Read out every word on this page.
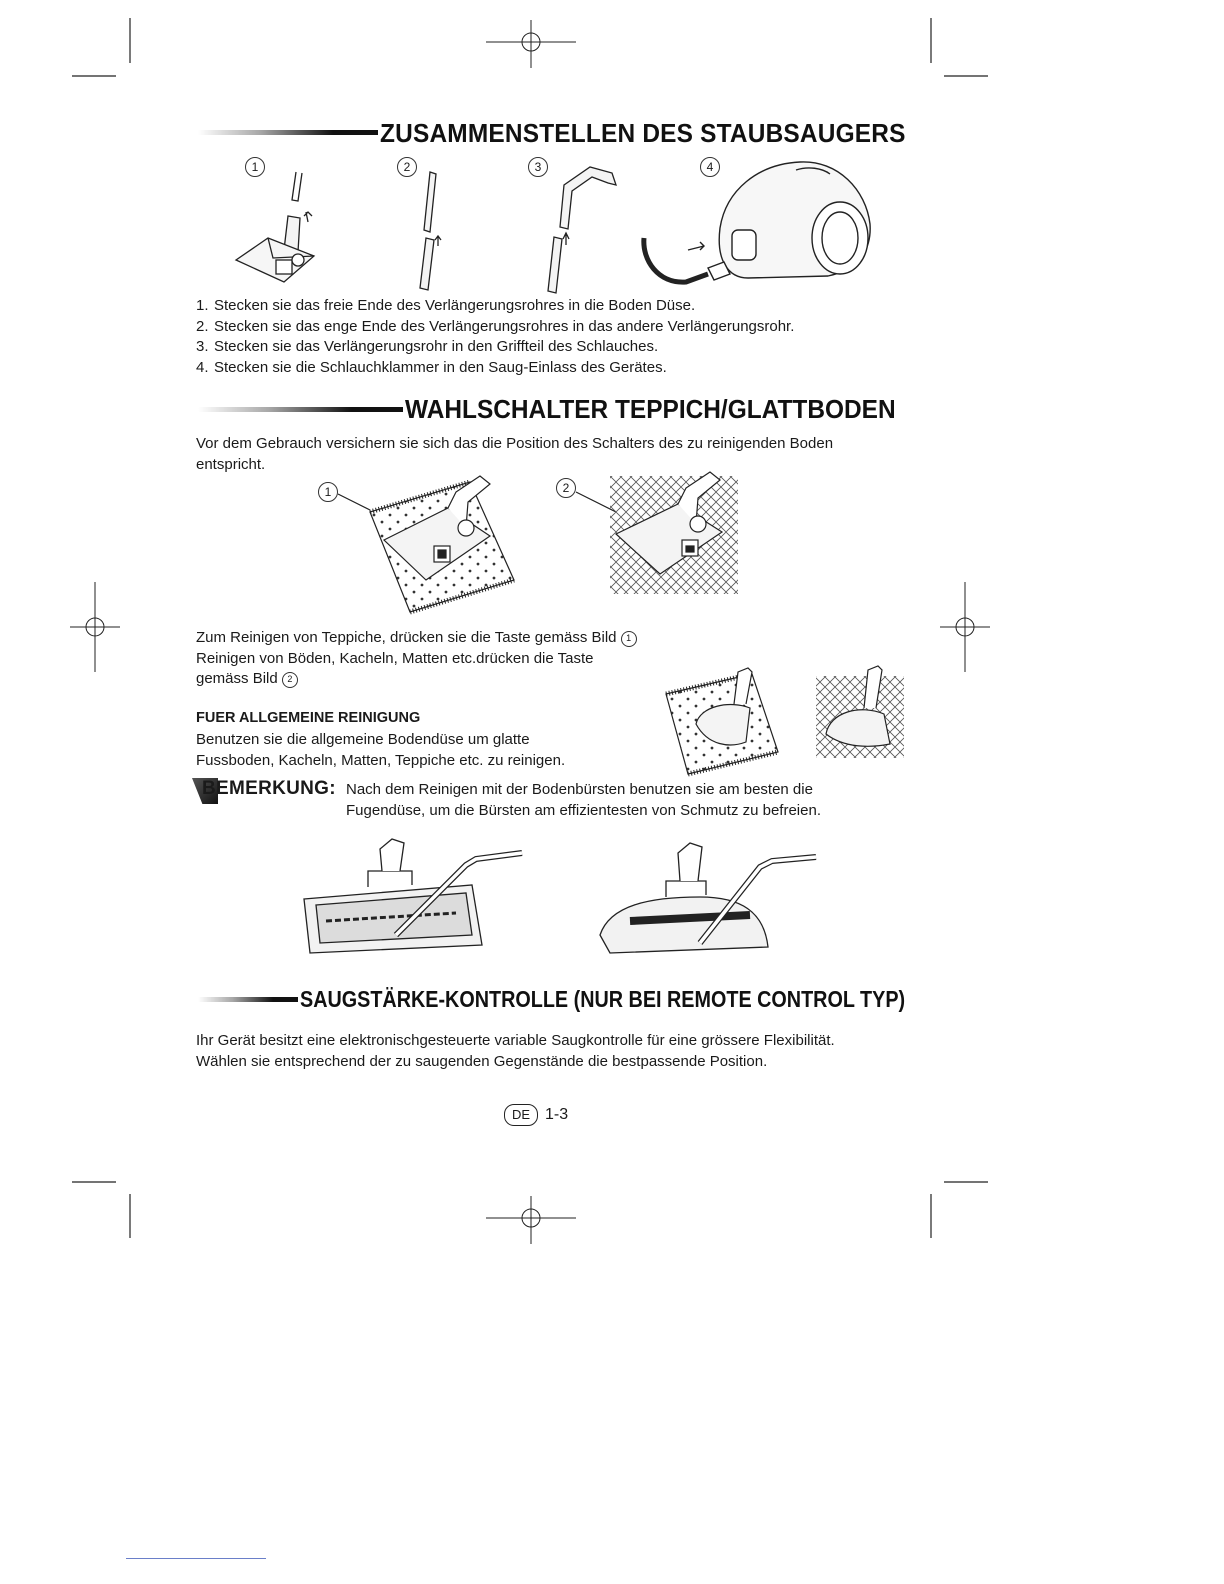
ZUSAMMENSTELLEN DES STAUBSAUGERS
1	2	3	4
1. Stecken sie das freie Ende des Verlängerungsrohres in die Boden Düse.
2. Stecken sie das enge Ende des Verlängerungsrohres in das andere Verlängerungsrohr.
3. Stecken sie das Verlängerungsrohr in den Griffteil des Schlauches.
4. Stecken sie die Schlauchklammer in den Saug-Einlass des Gerätes.
WAHLSCHALTER TEPPICH/GLATTBODEN
Vor dem Gebrauch versichern sie sich das die Position des Schalters des zu reinigenden Boden
entspricht.
1	2
Zum Reinigen von Teppiche, drücken sie die Taste gemäss Bild 1
Reinigen von Böden, Kacheln, Matten etc.drücken die Taste
gemäss Bild 2
FUER ALLGEMEINE REINIGUNG
Benutzen sie die allgemeine Bodendüse um glatte
Fussboden, Kacheln, Matten, Teppiche etc. zu reinigen.
BEMERKUNG: Nach dem Reinigen mit der Bodenbürsten benutzen sie am besten die
Fugendüse, um die Bürsten am effizientesten von Schmutz zu befreien.
SAUGSTÄRKE-KONTROLLE (NUR BEI REMOTE CONTROL TYP)
Ihr Gerät besitzt eine elektronischgesteuerte variable Saugkontrolle für eine grössere Flexibilität.
Wählen sie entsprechend der zu saugenden Gegenstände die bestpassende Position.
DE 1-3
